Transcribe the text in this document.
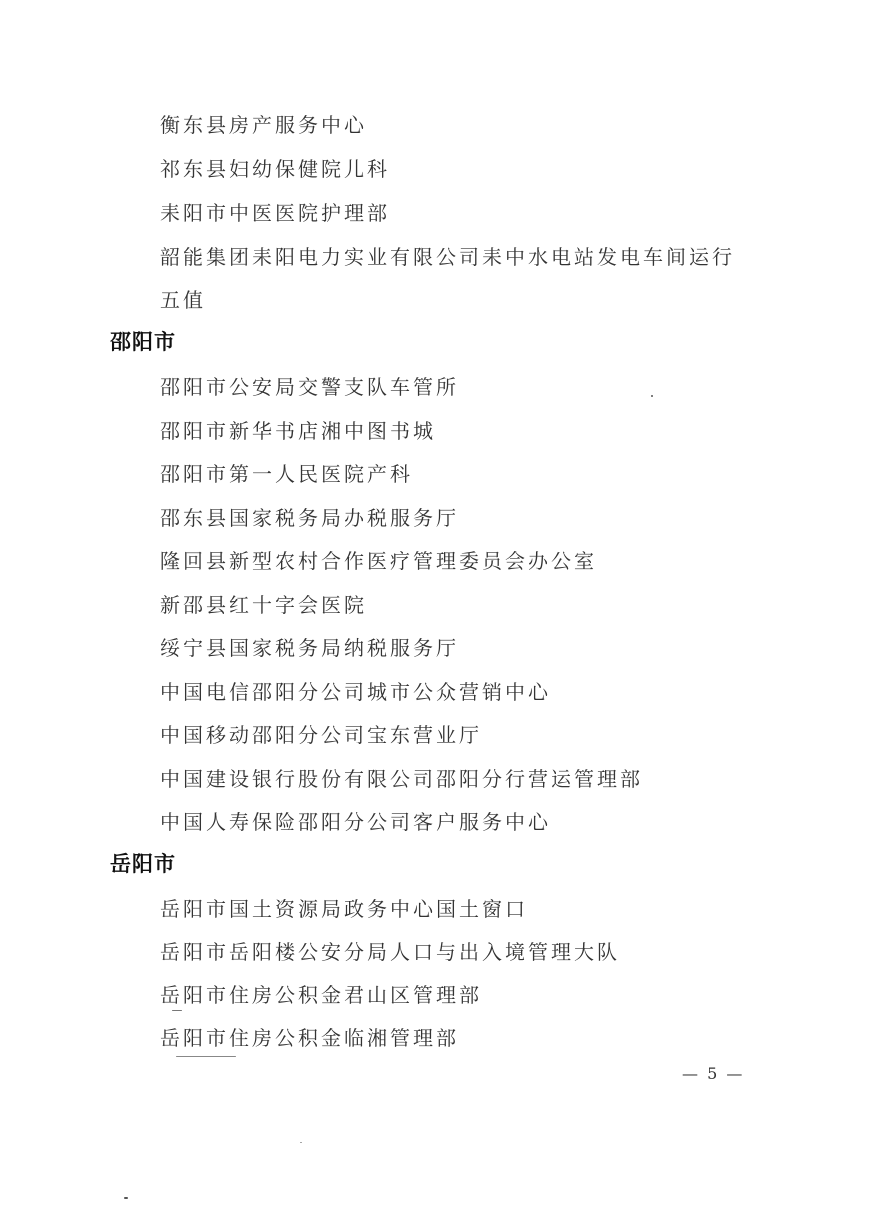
衡东县房产服务中心
祁东县妇幼保健院儿科
耒阳市中医医院护理部
韶能集团耒阳电力实业有限公司耒中水电站发电车间运行
五值
邵阳市
邵阳市公安局交警支队车管所
邵阳市新华书店湘中图书城
邵阳市第一人民医院产科
邵东县国家税务局办税服务厅
隆回县新型农村合作医疗管理委员会办公室
新邵县红十字会医院
绥宁县国家税务局纳税服务厅
中国电信邵阳分公司城市公众营销中心
中国移动邵阳分公司宝东营业厅
中国建设银行股份有限公司邵阳分行营运管理部
中国人寿保险邵阳分公司客户服务中心
岳阳市
岳阳市国土资源局政务中心国土窗口
岳阳市岳阳楼公安分局人口与出入境管理大队
岳阳市住房公积金君山区管理部
岳阳市住房公积金临湘管理部
— 5 —
